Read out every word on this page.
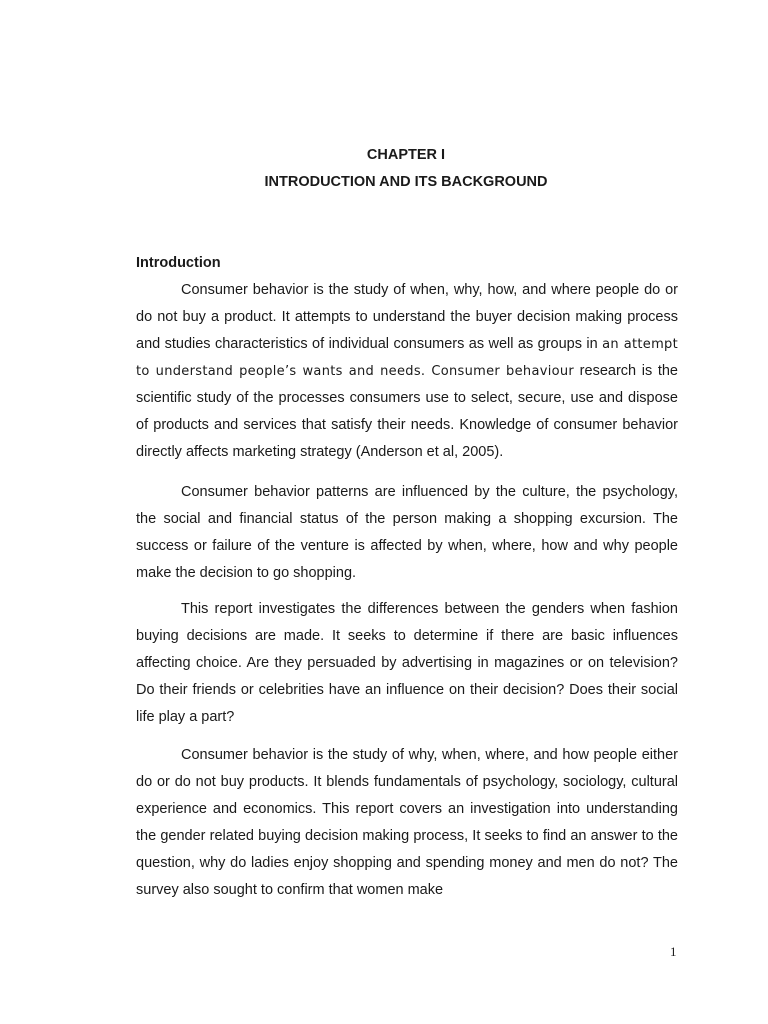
CHAPTER I
INTRODUCTION AND ITS BACKGROUND
Introduction

Consumer behavior is the study of when, why, how, and where people do or do not buy a product. It attempts to understand the buyer decision making process and studies characteristics of individual consumers as well as groups in an attempt to understand people’s wants and needs. Consumer behaviour research is the scientific study of the processes consumers use to select, secure, use and dispose of products and services that satisfy their needs. Knowledge of consumer behavior directly affects marketing strategy (Anderson et al, 2005).

Consumer behavior patterns are influenced by the culture, the psychology, the social and financial status of the person making a shopping excursion. The success or failure of the venture is affected by when, where, how and why people make the decision to go shopping.

This report investigates the differences between the genders when fashion buying decisions are made. It seeks to determine if there are basic influences affecting choice. Are they persuaded by advertising in magazines or on television? Do their friends or celebrities have an influence on their decision? Does their social life play a part?

Consumer behavior is the study of why, when, where, and how people either do or do not buy products. It blends fundamentals of psychology, sociology, cultural experience and economics. This report covers an investigation into understanding the gender related buying decision making process, It seeks to find an answer to the question, why do ladies enjoy shopping and spending money and men do not? The survey also sought to confirm that women make

1
